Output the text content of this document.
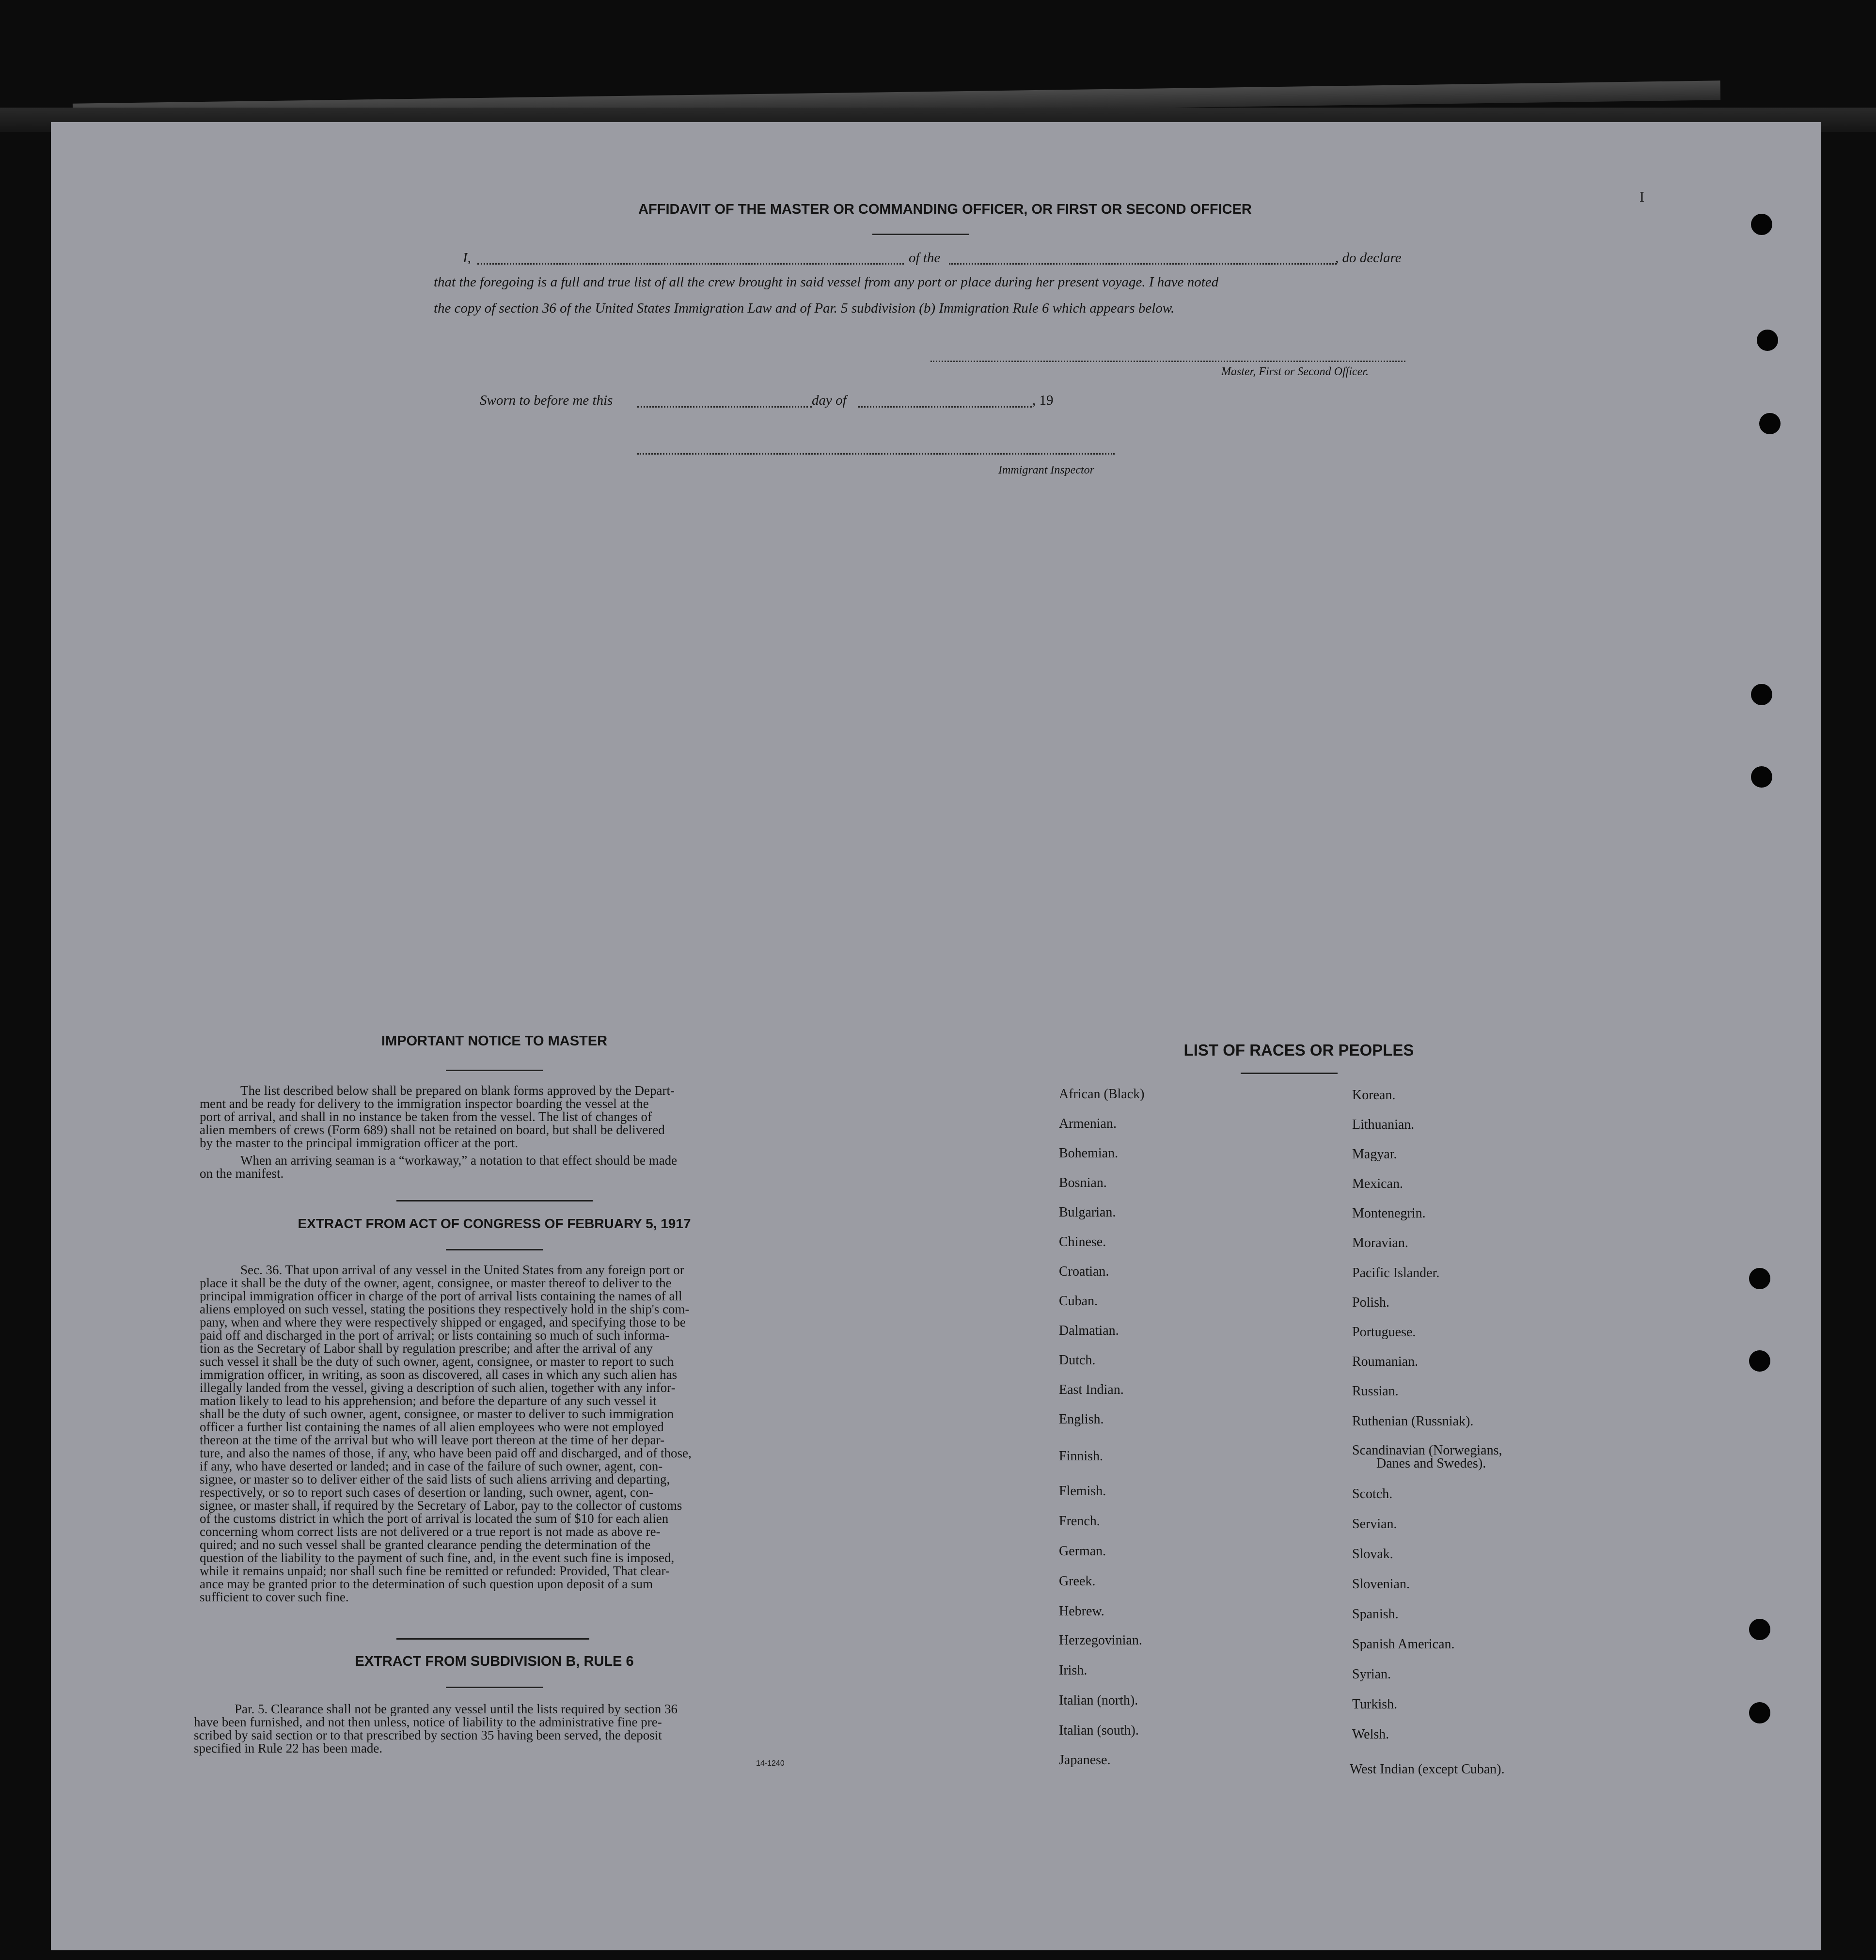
AFFIDAVIT OF THE MASTER OR COMMANDING OFFICER, OR FIRST OR SECOND OFFICER
I
I,	of the	, do declare
that the foregoing is a full and true list of all the crew brought in said vessel from any port or place during her present voyage. I have noted
the copy of section 36 of the United States Immigration Law and of Par. 5 subdivision (b) Immigration Rule 6 which appears below.
Master, First or Second Officer.
Sworn to before me this	day of	, 19
Immigrant Inspector
IMPORTANT NOTICE TO MASTER
The list described below shall be prepared on blank forms approved by the Depart-
ment and be ready for delivery to the immigration inspector boarding the vessel at the
port of arrival, and shall in no instance be taken from the vessel. The list of changes of
alien members of crews (Form 689) shall not be retained on board, but shall be delivered
by the master to the principal immigration officer at the port.
When an arriving seaman is a “workaway,” a notation to that effect should be made
on the manifest.
EXTRACT FROM ACT OF CONGRESS OF FEBRUARY 5, 1917
Sec. 36. That upon arrival of any vessel in the United States from any foreign port or
place it shall be the duty of the owner, agent, consignee, or master thereof to deliver to the
principal immigration officer in charge of the port of arrival lists containing the names of all
aliens employed on such vessel, stating the positions they respectively hold in the ship's com-
pany, when and where they were respectively shipped or engaged, and specifying those to be
paid off and discharged in the port of arrival; or lists containing so much of such informa-
tion as the Secretary of Labor shall by regulation prescribe; and after the arrival of any
such vessel it shall be the duty of such owner, agent, consignee, or master to report to such
immigration officer, in writing, as soon as discovered, all cases in which any such alien has
illegally landed from the vessel, giving a description of such alien, together with any infor-
mation likely to lead to his apprehension; and before the departure of any such vessel it
shall be the duty of such owner, agent, consignee, or master to deliver to such immigration
officer a further list containing the names of all alien employees who were not employed
thereon at the time of the arrival but who will leave port thereon at the time of her depar-
ture, and also the names of those, if any, who have been paid off and discharged, and of those,
if any, who have deserted or landed; and in case of the failure of such owner, agent, con-
signee, or master so to deliver either of the said lists of such aliens arriving and departing,
respectively, or so to report such cases of desertion or landing, such owner, agent, con-
signee, or master shall, if required by the Secretary of Labor, pay to the collector of customs
of the customs district in which the port of arrival is located the sum of $10 for each alien
concerning whom correct lists are not delivered or a true report is not made as above re-
quired; and no such vessel shall be granted clearance pending the determination of the
question of the liability to the payment of such fine, and, in the event such fine is imposed,
while it remains unpaid; nor shall such fine be remitted or refunded: Provided, That clear-
ance may be granted prior to the determination of such question upon deposit of a sum
sufficient to cover such fine.
EXTRACT FROM SUBDIVISION B, RULE 6
Par. 5. Clearance shall not be granted any vessel until the lists required by section 36
have been furnished, and not then unless, notice of liability to the administrative fine pre-
scribed by said section or to that prescribed by section 35 having been served, the deposit
specified in Rule 22 has been made.
14-1240
LIST OF RACES OR PEOPLES
African (Black)
Armenian.
Bohemian.
Bosnian.
Bulgarian.
Chinese.
Croatian.
Cuban.
Dalmatian.
Dutch.
East Indian.
English.
Finnish.
Flemish.
French.
German.
Greek.
Hebrew.
Herzegovinian.
Irish.
Italian (north).
Italian (south).
Japanese.
Korean.
Lithuanian.
Magyar.
Mexican.
Montenegrin.
Moravian.
Pacific Islander.
Polish.
Portuguese.
Roumanian.
Russian.
Ruthenian (Russniak).
Scandinavian (Norwegians,
Danes and Swedes).
Scotch.
Servian.
Slovak.
Slovenian.
Spanish.
Spanish American.
Syrian.
Turkish.
Welsh.
West Indian (except Cuban).
